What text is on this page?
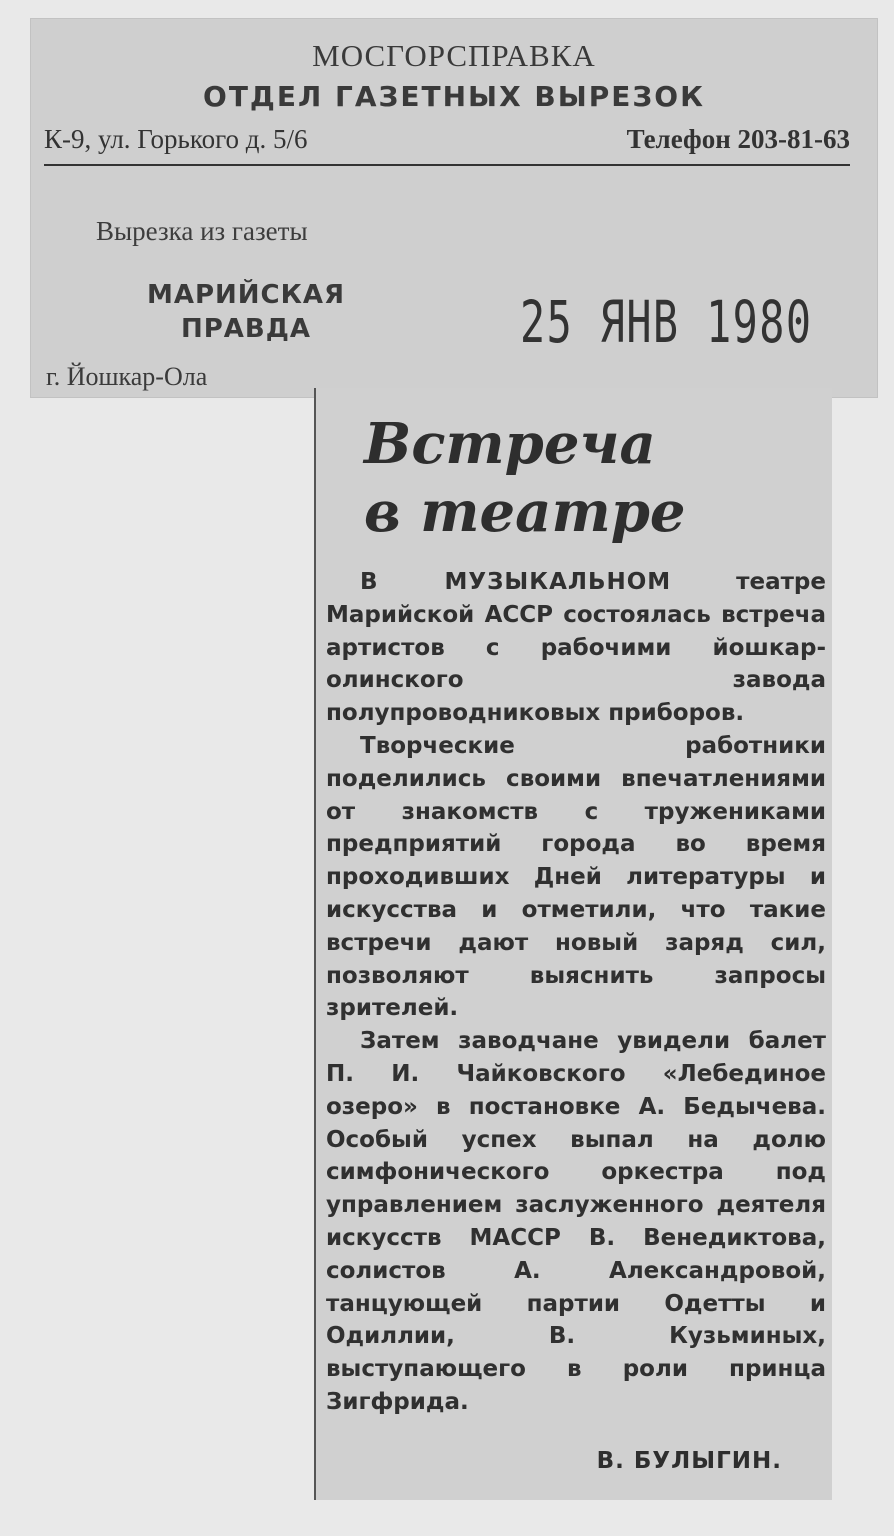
МОСГОРСПРАВКА
ОТДЕЛ ГАЗЕТНЫХ ВЫРЕЗОК
К-9, ул. Горького д. 5/6	Телефон 203-81-63
Вырезка из газеты
МАРИЙСКАЯ
ПРАВДА
г. Йошкар-Ола
25 ЯНВ 1980
Встреча
в театре

В МУЗЫКАЛЬНОМ театре Марийской АССР состоялась встреча артистов с рабочими йошкар-олинского завода полупроводниковых приборов.

Творческие работники поделились своими впечатлениями от знакомств с тружениками предприятий города во время проходивших Дней литературы и искусства и отметили, что такие встречи дают новый заряд сил, позволяют выяснить запросы зрителей.

Затем заводчане увидели балет П. И. Чайковского «Лебединое озеро» в постановке А. Бедычева. Особый успех выпал на долю симфонического оркестра под управлением заслуженного деятеля искусств МАССР В. Венедиктова, солистов А. Александровой, танцующей партии Одетты и Одиллии, В. Кузьминых, выступающего в роли принца Зигфрида.

В. БУЛЫГИН.
